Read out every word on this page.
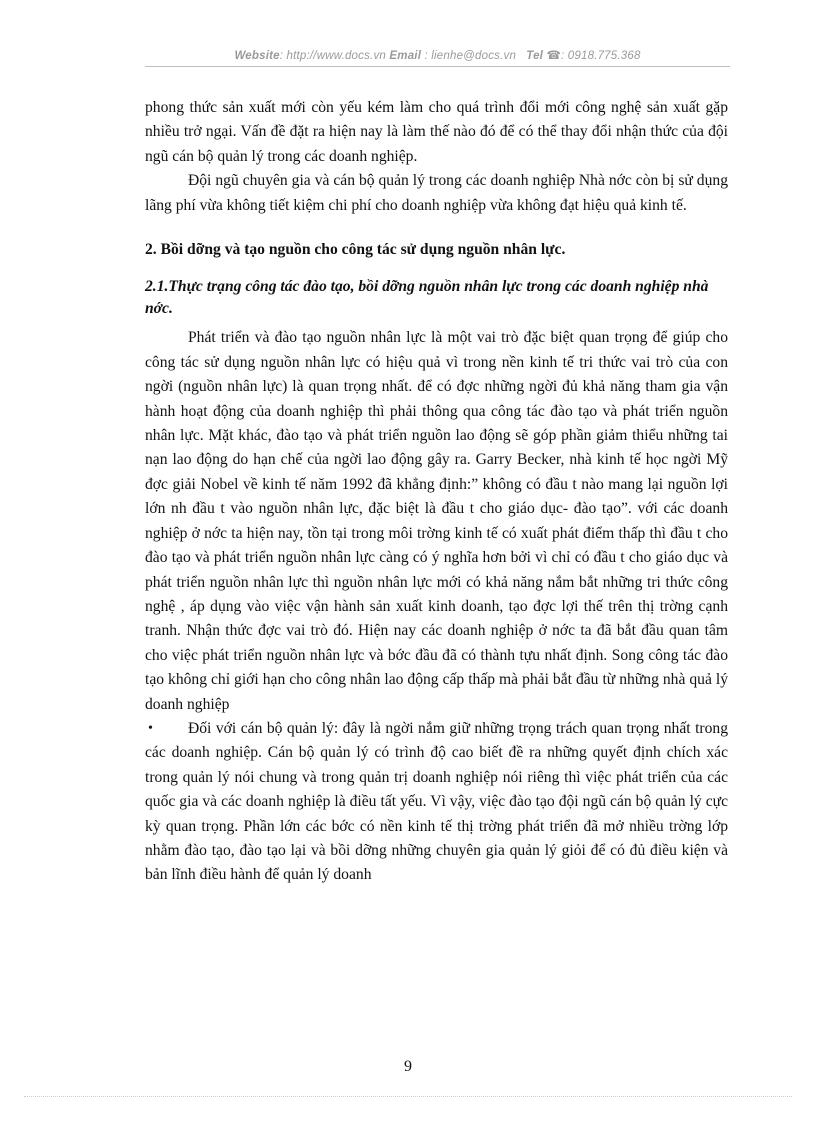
Website: http://www.docs.vn Email : lienhe@docs.vn Tel ☎: 0918.775.368

phong thức sản xuất mới còn yếu kém làm cho quá trình đổi mới công nghệ sản xuất gặp nhiều trở ngại. Vấn đề đặt ra hiện nay là làm thế nào đó để có thể thay đổi nhận thức của đội ngũ cán bộ quản lý trong các doanh nghiệp.

Đội ngũ chuyên gia và cán bộ quản lý trong các doanh nghiệp Nhà nớc còn bị sử dụng lãng phí vừa không tiết kiệm chi phí cho doanh nghiệp vừa không đạt hiệu quả kinh tế.

2. Bồi dỡng và tạo nguồn cho công tác sử dụng nguồn nhân lực.

2.1.Thực trạng công tác đào tạo, bồi dỡng nguồn nhân lực trong các doanh nghiệp nhà nớc.

Phát triển và đào tạo nguồn nhân lực là một vai trò đặc biệt quan trọng để giúp cho công tác sử dụng nguồn nhân lực có hiệu quả vì trong nền kinh tế tri thức vai trò của con ngời (nguồn nhân lực) là quan trọng nhất. để có đợc những ngời đủ khả năng tham gia vận hành hoạt động của doanh nghiệp thì phải thông qua công tác đào tạo và phát triển nguồn nhân lực. Mặt khác, đào tạo và phát triển nguồn lao động sẽ góp phần giảm thiểu những tai nạn lao động do hạn chế của ngời lao động gây ra. Garry Becker, nhà kinh tế học ngời Mỹ đợc giải Nobel về kinh tế năm 1992 đã khẳng định:” không có đầu t nào mang lại nguồn lợi lớn nh đầu t vào nguồn nhân lực, đặc biệt là đầu t cho giáo dục- đào tạo”. với các doanh nghiệp ở nớc ta hiện nay, tồn tại trong môi trờng kinh tế có xuất phát điểm thấp thì đầu t cho đào tạo và phát triển nguồn nhân lực càng có ý nghĩa hơn bởi vì chỉ có đầu t cho giáo dục và phát triển nguồn nhân lực thì nguồn nhân lực mới có khả năng nắm bắt những tri thức công nghệ , áp dụng vào việc vận hành sản xuất kinh doanh, tạo đợc lợi thế trên thị trờng cạnh tranh. Nhận thức đợc vai trò đó. Hiện nay các doanh nghiệp ở nớc ta đã bắt đầu quan tâm cho việc phát triển nguồn nhân lực và bớc đầu đã có thành tựu nhất định. Song công tác đào tạo không chỉ giới hạn cho công nhân lao động cấp thấp mà phải bắt đầu từ những nhà quả lý doanh nghiệp

•	Đối với cán bộ quản lý: đây là ngời nắm giữ những trọng trách quan trọng nhất trong các doanh nghiệp. Cán bộ quản lý có trình độ cao biết đề ra những quyết định chích xác trong quản lý nói chung và trong quản trị doanh nghiệp nói riêng thì việc phát triển của các quốc gia và các doanh nghiệp là điều tất yếu. Vì vậy, việc đào tạo đội ngũ cán bộ quản lý cực kỳ quan trọng. Phần lớn các bớc có nền kinh tế thị trờng phát triển đã mở nhiều trờng lớp nhằm đào tạo, đào tạo lại và bồi dỡng những chuyên gia quản lý giỏi để có đủ điều kiện và bản lĩnh điều hành để quản lý doanh

9
